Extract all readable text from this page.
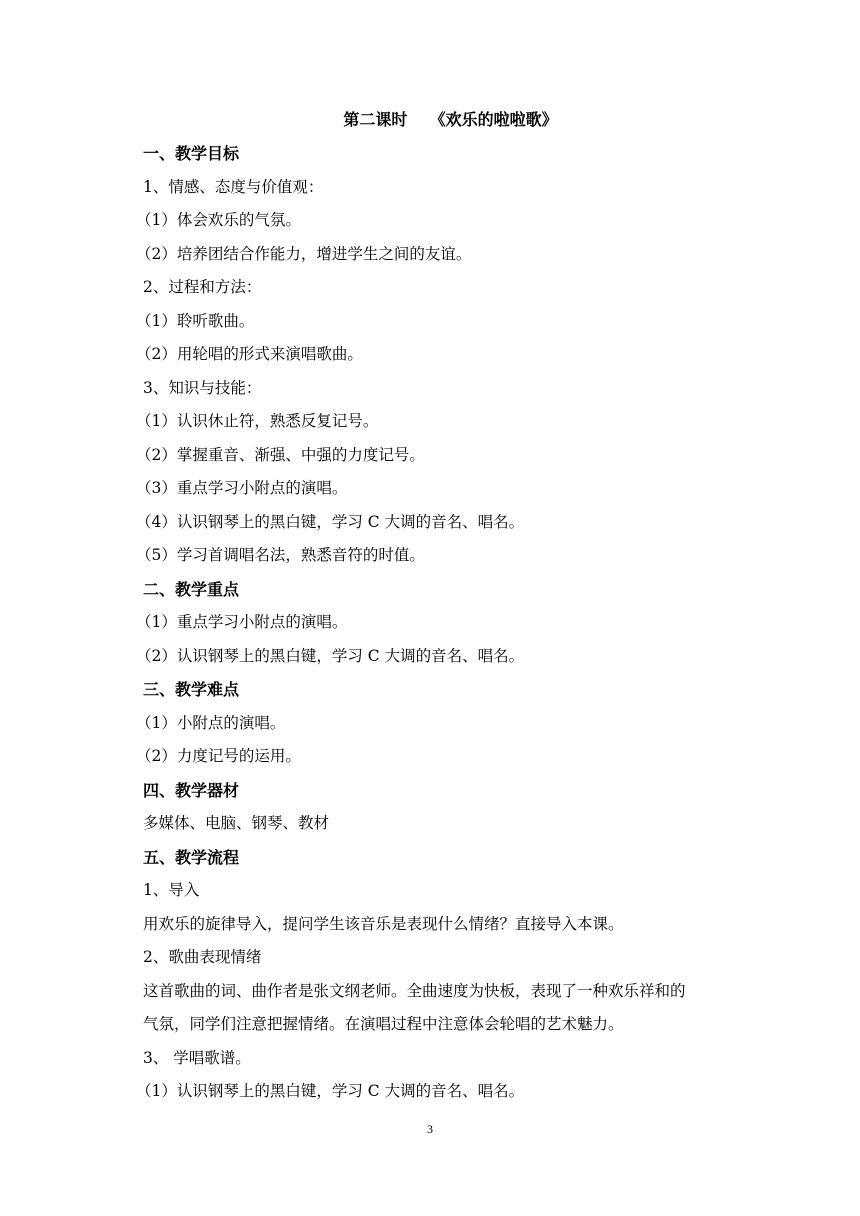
第二课时    《欢乐的啦啦歌》
一、教学目标
1、情感、态度与价值观：
（1）体会欢乐的气氛。
（2）培养团结合作能力，增进学生之间的友谊。
2、过程和方法：
（1）聆听歌曲。
（2）用轮唱的形式来演唱歌曲。
3、知识与技能：
（1）认识休止符，熟悉反复记号。
（2）掌握重音、渐强、中强的力度记号。
（3）重点学习小附点的演唱。
（4）认识钢琴上的黑白键，学习 C 大调的音名、唱名。
（5）学习首调唱名法，熟悉音符的时值。
二、教学重点
（1）重点学习小附点的演唱。
（2）认识钢琴上的黑白键，学习 C 大调的音名、唱名。
三、教学难点
（1）小附点的演唱。
（2）力度记号的运用。
四、教学器材
多媒体、电脑、钢琴、教材
五、教学流程
1、导入
用欢乐的旋律导入，提问学生该音乐是表现什么情绪？直接导入本课。
2、歌曲表现情绪
这首歌曲的词、曲作者是张文纲老师。全曲速度为快板，表现了一种欢乐祥和的
气氛，同学们注意把握情绪。在演唱过程中注意体会轮唱的艺术魅力。
3、 学唱歌谱。
（1）认识钢琴上的黑白键，学习 C 大调的音名、唱名。
3
